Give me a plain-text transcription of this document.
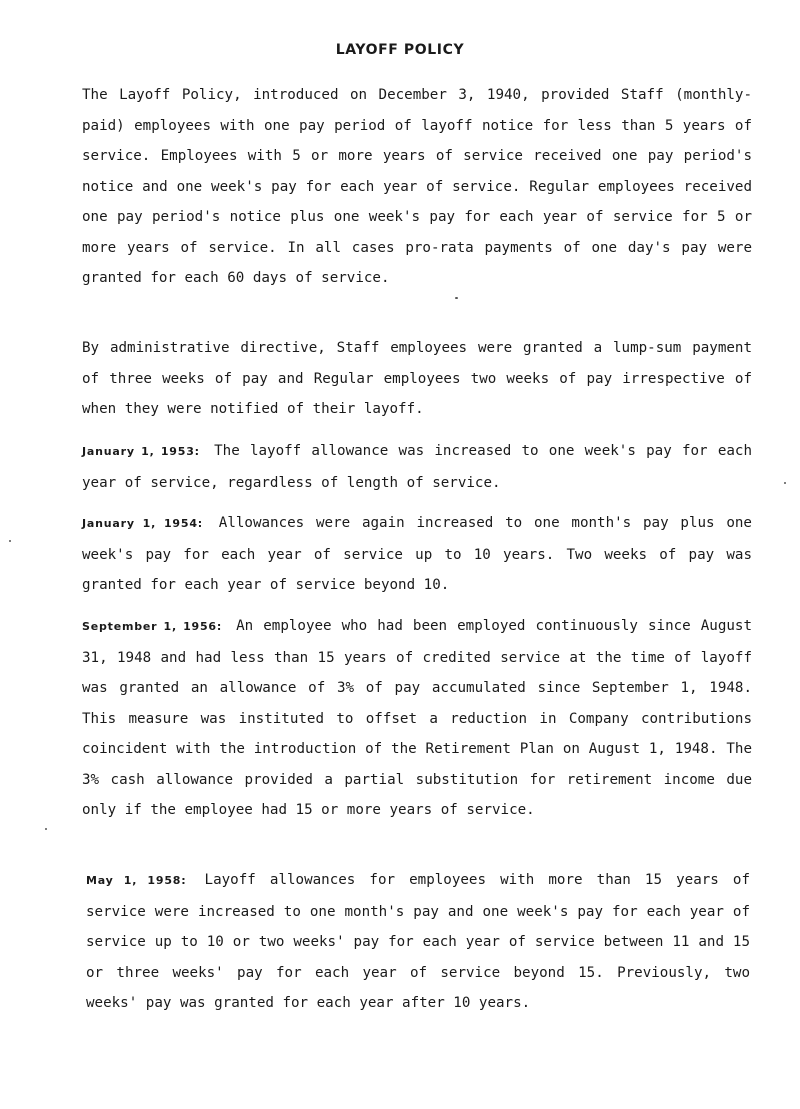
LAYOFF POLICY

The Layoff Policy, introduced on December 3, 1940, provided Staff (monthly-paid) employees with one pay period of layoff notice for less than 5 years of service. Employees with 5 or more years of service received one pay period's notice and one week's pay for each year of service. Regular employees received one pay period's notice plus one week's pay for each year of service for 5 or more years of service. In all cases pro-rata payments of one day's pay were granted for each 60 days of service.

By administrative directive, Staff employees were granted a lump-sum payment of three weeks of pay and Regular employees two weeks of pay irrespective of when they were notified of their layoff.

January 1, 1953: The layoff allowance was increased to one week's pay for each year of service, regardless of length of service.

January 1, 1954: Allowances were again increased to one month's pay plus one week's pay for each year of service up to 10 years. Two weeks of pay was granted for each year of service beyond 10.

September 1, 1956: An employee who had been employed continuously since August 31, 1948 and had less than 15 years of credited service at the time of layoff was granted an allowance of 3% of pay accumulated since September 1, 1948. This measure was instituted to offset a reduction in Company contributions coincident with the introduction of the Retirement Plan on August 1, 1948. The 3% cash allowance provided a partial substitution for retirement income due only if the employee had 15 or more years of service.

May 1, 1958: Layoff allowances for employees with more than 15 years of service were increased to one month's pay and one week's pay for each year of service up to 10 or two weeks' pay for each year of service between 11 and 15 or three weeks' pay for each year of service beyond 15. Previously, two weeks' pay was granted for each year after 10 years.
